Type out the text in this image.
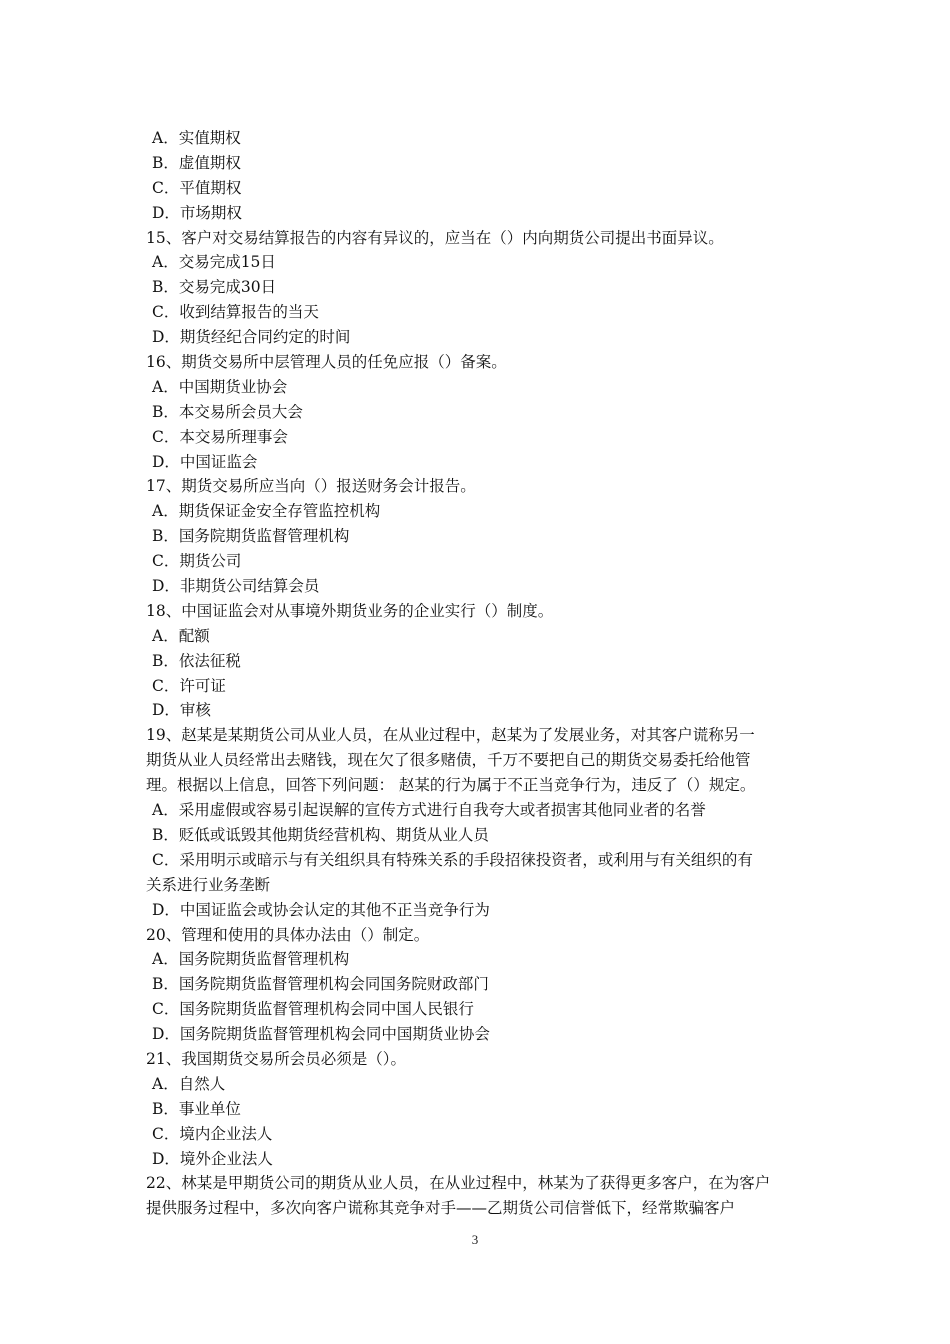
A．实值期权
B．虚值期权
C．平值期权
D．市场期权
15、客户对交易结算报告的内容有异议的，应当在（）内向期货公司提出书面异议。
A．交易完成15日
B．交易完成30日
C．收到结算报告的当天
D．期货经纪合同约定的时间
16、期货交易所中层管理人员的任免应报（）备案。
A．中国期货业协会
B．本交易所会员大会
C．本交易所理事会
D．中国证监会
17、期货交易所应当向（）报送财务会计报告。
A．期货保证金安全存管监控机构
B．国务院期货监督管理机构
C．期货公司
D．非期货公司结算会员
18、中国证监会对从事境外期货业务的企业实行（）制度。
A．配额
B．依法征税
C．许可证
D．审核
19、赵某是某期货公司从业人员，在从业过程中，赵某为了发展业务，对其客户谎称另一
期货从业人员经常出去赌钱，现在欠了很多赌债，千万不要把自己的期货交易委托给他管
理。根据以上信息，回答下列问题： 赵某的行为属于不正当竞争行为，违反了（）规定。
A．采用虚假或容易引起误解的宣传方式进行自我夸大或者损害其他同业者的名誉
B．贬低或诋毁其他期货经营机构、期货从业人员
C．采用明示或暗示与有关组织具有特殊关系的手段招徕投资者，或利用与有关组织的有
关系进行业务垄断
D．中国证监会或协会认定的其他不正当竞争行为
20、管理和使用的具体办法由（）制定。
A．国务院期货监督管理机构
B．国务院期货监督管理机构会同国务院财政部门
C．国务院期货监督管理机构会同中国人民银行
D．国务院期货监督管理机构会同中国期货业协会
21、我国期货交易所会员必须是（）。
A．自然人
B．事业单位
C．境内企业法人
D．境外企业法人
22、林某是甲期货公司的期货从业人员，在从业过程中，林某为了获得更多客户，在为客户
提供服务过程中，多次向客户谎称其竞争对手——乙期货公司信誉低下，经常欺骗客户
3
